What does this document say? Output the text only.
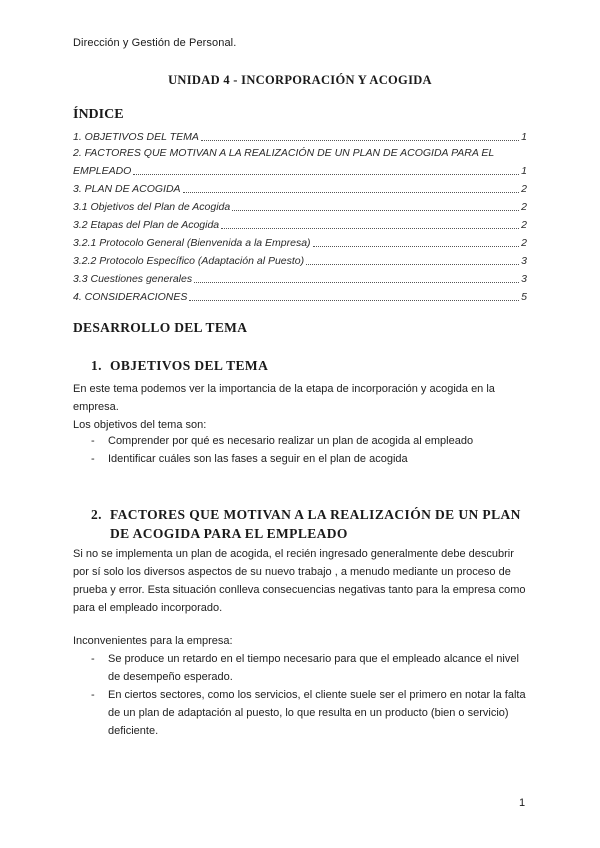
Dirección y Gestión de Personal.
UNIDAD 4 - INCORPORACIÓN Y ACOGIDA
ÍNDICE
1. OBJETIVOS DEL TEMA	1
2. FACTORES QUE MOTIVAN A LA REALIZACIÓN DE UN PLAN DE ACOGIDA PARA EL
EMPLEADO	1
3. PLAN DE ACOGIDA	2
3.1 Objetivos del Plan de Acogida	2
3.2 Etapas del Plan de Acogida	2
3.2.1 Protocolo General (Bienvenida a la Empresa)	2
3.2.2 Protocolo Específico (Adaptación al Puesto)	3
3.3 Cuestiones generales	3
4. CONSIDERACIONES	5
DESARROLLO DEL TEMA
1. OBJETIVOS DEL TEMA

En este tema podemos ver la importancia de la etapa de incorporación y acogida en la empresa.

Los objetivos del tema son:

- Comprender por qué es necesario realizar un plan de acogida al empleado
- Identificar cuáles son las fases a seguir en el plan de acogida
2. FACTORES QUE MOTIVAN A LA REALIZACIÓN DE UN PLAN DE ACOGIDA PARA EL EMPLEADO

Si no se implementa un plan de acogida, el recién ingresado generalmente debe descubrir por sí solo los diversos aspectos de su nuevo trabajo , a menudo mediante un proceso de prueba y error. Esta situación conlleva consecuencias negativas tanto para la empresa como para el empleado incorporado.

Inconvenientes para la empresa:

- Se produce un retardo en el tiempo necesario para que el empleado alcance el nivel de desempeño esperado.
- En ciertos sectores, como los servicios, el cliente suele ser el primero en notar la falta de un plan de adaptación al puesto, lo que resulta en un producto (bien o servicio) deficiente.
1
